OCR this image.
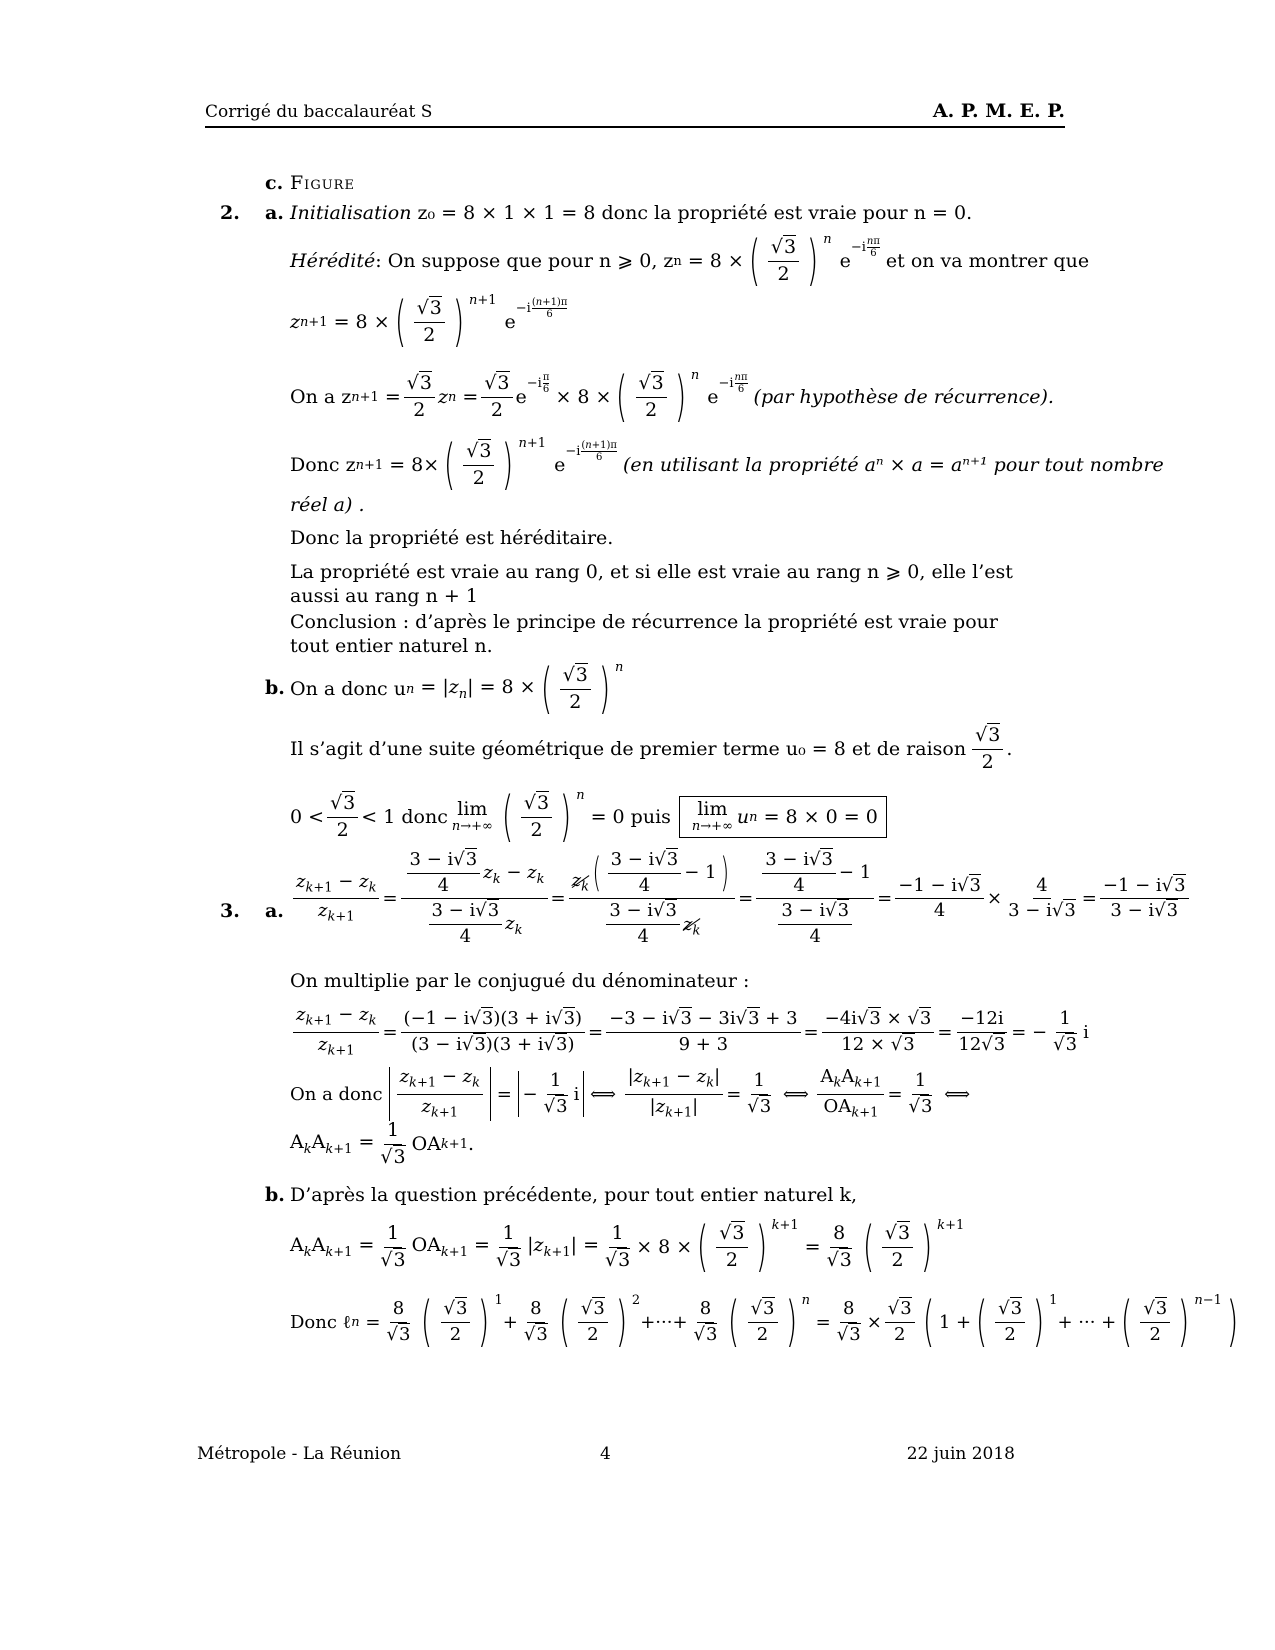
Corrigé du baccalauréat S	A. P. M. E. P.
c. Figure
2. a. Initialisation z₀ = 8 × 1 × 1 = 8 donc la propriété est vraie pour n = 0.
Hérédité : On suppose que pour n ⩾ 0, z n = 8 × ( $\frac{√3}{2}$ ) n
e
−i nπ
6 et on va montrer que
z n+1 = 8 × ( $\frac{√3}{2}$ ) n +1
e
−i (n+1)π
6
On a z $n+1 = \frac{√3}{2}$ z $n = \frac{√3}{2}$ e
−i π
6 × 8 × ( $\frac{√3}{2}$ ) n
e
−i nπ
6 (par hypothèse de récurrence).
Donc z n+1 = 8× ( $\frac{√3}{2}$ ) n +1
e
−i (n+1)π
6 (en utilisant la propriété aⁿ × a = aⁿ⁺¹ pour tout nombre
réel a) .
Donc la propriété est héréditaire.
La propriété est vraie au rang 0, et si elle est vraie au rang n ⩾ 0, elle l’est aussi au rang n + 1
Conclusion : d’après le principe de récurrence la propriété est vraie pour tout entier naturel n.
b. On a donc u $n = |z_n| = 8$ × ( $\frac{√3}{2}$ ) n
Il s’agit d’une suite géométrique de premier terme u₀ = 8 et de raison $\frac{√3}{2}$ .
$0 < \frac{√3}{2} < 1$ donc lim
n→+∞ ( $\frac{√3}{2}$ ) n
= 0 puis lim
n→+∞ u n
= 8 × 0 = 0
3. a. $\frac{z_{k+1} - z_k}{z_{k+1}} = \frac{\frac{3 - i√3}{4} z_k - z_k}{\frac{3 - i√3}{4} z_k} = \frac{z_k ( \frac{3 - i√3}{4} - 1 )}{\frac{3 - i√3}{4} z_k} = \frac{\frac{3 - i√3}{4} - 1}{\frac{3 - i√3}{4}} = \frac{-1 - i√3}{4} \times \frac{4}{3 - i√3} = \frac{-1 - i√3}{3 - i√3}$
On multiplie par le conjugué du dénominateur :
$\frac{z_{k+1} - z_k}{z_{k+1}} = \frac{(-1 - i√3)(3 + i√3)}{(3 - i√3)(3 + i√3)} = \frac{-3 - i√3 - 3i√3 + 3}{9 + 3} = \frac{-4i√3 \times √3}{12 \times √3} = \frac{-12i}{12√3}$ = − $\frac{1}{√3}$ i
On a donc $\frac{z_{k+1} - z_k}{z_{k+1}}$ = − $\frac{1}{√3}$ i ⟺ $\frac{|z_{k+1} - z_k|}{|z_{k+1}|} = \frac{1}{√3}$ ⟺ $\frac{A_kA_{k+1}}{OA_{k+1}} = \frac{1}{√3}$ ⟺
$A_kA_{k+1} = \frac{1}{√3}$ OA k+1 .
b. D’après la question précédente, pour tout entier naturel k,
$A_kA_{k+1} = \frac{1}{√3} OA_{k+1} = \frac{1}{√3} |z_{k+1}| = \frac{1}{√3} \times 8$ × ( $\frac{√3}{2}$ ) k +1
= $\frac{8}{√3}$ ( $\frac{√3}{2}$ ) k +1
Donc ℓ $n = \frac{8}{√3}$ ( $\frac{√3}{2}$ ) 1
+ $\frac{8}{√3}$ ( $\frac{√3}{2}$ ) 2
+···+ $\frac{8}{√3}$ ( $\frac{√3}{2}$ ) n
= $\frac{8}{√3} \times \frac{√3}{2}$ ( 1 + ( $\frac{√3}{2}$ ) 1
+ ··· + ( $\frac{√3}{2}$ ) n −1 )
Métropole - La Réunion	4	22 juin 2018
